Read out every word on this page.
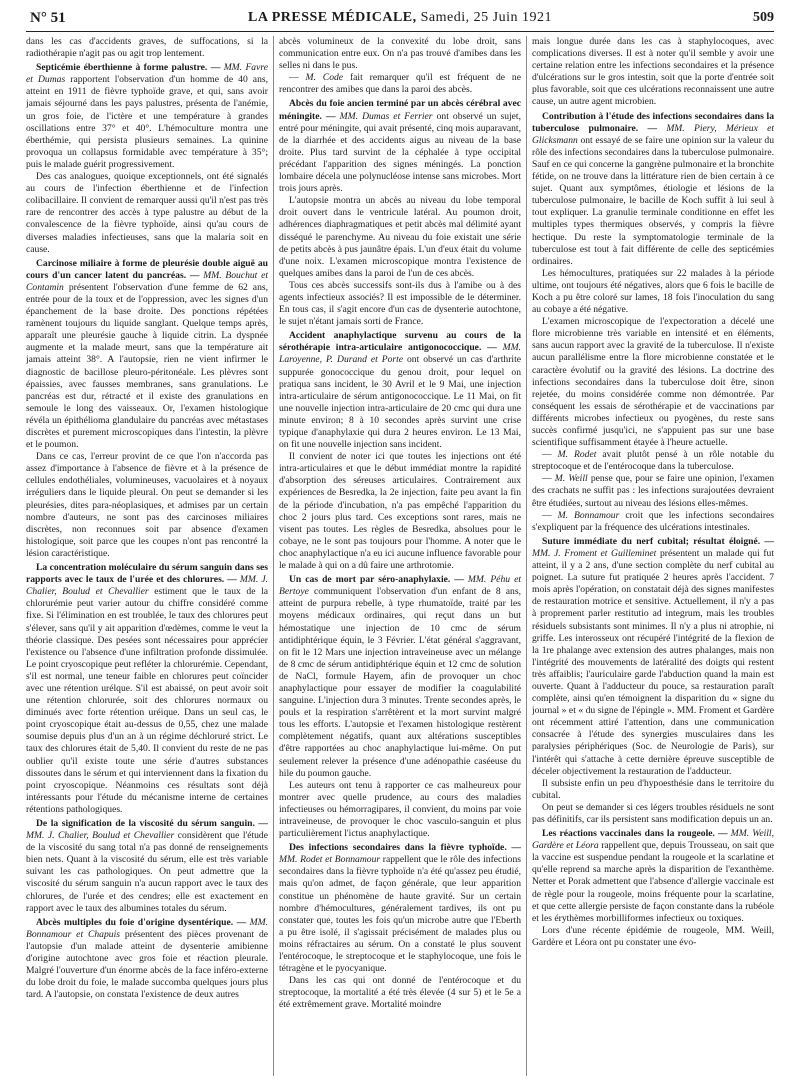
N° 51	LA PRESSE MÉDICALE, Samedi, 25 Juin 1921	509

dans les cas d'accidents graves, de suffocations, si la radiothérapie n'agit pas ou agit trop lentement.

Septicémie éberthienne à forme palustre. — MM. Favre et Dumas rapportent l'observation d'un homme de 40 ans, atteint en 1911 de fièvre typhoïde grave, et qui, sans avoir jamais séjourné dans les pays palustres, présenta de l'anémie, un gros foie, de l'ictère et une température à grandes oscillations entre 37° et 40°. L'hémoculture montra une éberthémie, qui persista plusieurs semaines. La quinine provoqua un collapsus formidable avec température à 35°; puis le malade guérit progressivement.

Des cas analogues, quoique exceptionnels, ont été signalés au cours de l'infection éberthienne et de l'infection colibacillaire. Il convient de remarquer aussi qu'il n'est pas très rare de rencontrer des accès à type palustre au début de la convalescence de la fièvre typhoïde, ainsi qu'au cours de diverses maladies infectieuses, sans que la malaria soit en cause.

Carcinose miliaire à forme de pleurésie double aiguë au cours d'un cancer latent du pancréas. — MM. Bouchut et Contamin présentent l'observation d'une femme de 62 ans, entrée pour de la toux et de l'oppression, avec les signes d'un épanchement de la base droite. Des ponctions répétées ramènent toujours du liquide sanglant. Quelque temps après, apparaît une pleurésie gauche à liquide citrin. La dyspnée augmente et la malade meurt, sans que la température ait jamais atteint 38°. A l'autopsie, rien ne vient infirmer le diagnostic de bacillose pleuro-péritonéale. Les plèvres sont épaissies, avec fausses membranes, sans granulations. Le pancréas est dur, rétracté et il existe des granulations en semoule le long des vaisseaux. Or, l'examen histologique révéla un épithélioma glandulaire du pancréas avec métastases discrètes et purement microscopiques dans l'intestin, la plèvre et le poumon.

Dans ce cas, l'erreur provint de ce que l'on n'accorda pas assez d'importance à l'absence de fièvre et à la présence de cellules endothéliales, volumineuses, vacuolaires et à noyaux irréguliers dans le liquide pleural. On peut se demander si les pleurésies, dites para-néoplasiques, et admises par un certain nombre d'auteurs, ne sont pas des carcinoses miliaires discrètes, non reconnues soit par absence d'examen histologique, soit parce que les coupes n'ont pas rencontré la lésion caractéristique.

La concentration moléculaire du sérum sanguin dans ses rapports avec le taux de l'urée et des chlorures. — MM. J. Chalier, Boulud et Chevallier estiment que le taux de la chlorurémie peut varier autour du chiffre considéré comme fixe. Si l'élimination en est troublée, le taux des chlorures peut s'élever, sans qu'il y ait apparition d'œdèmes, comme le veut la théorie classique. Des pesées sont nécessaires pour apprécier l'existence ou l'absence d'une infiltration profonde dissimulée. Le point cryoscopique peut refléter la chlorurémie. Cependant, s'il est normal, une teneur faible en chlorures peut coïncider avec une rétention urélque. S'il est abaissé, on peut avoir soit une rétention chlorurée, soit des chlorures normaux ou diminués avec forte rétention uréique. Dans un seul cas, le point cryoscopique était au-dessus de 0,55, chez une malade soumise depuis plus d'un an à un régime déchloruré strict. Le taux des chlorures était de 5,40. Il convient du reste de ne pas oublier qu'il existe toute une série d'autres substances dissoutes dans le sérum et qui interviennent dans la fixation du point cryoscopique. Néanmoins ces résultats sont déjà intéressants pour l'étude du mécanisme interne de certaines rétentions pathologiques.

De la signification de la viscosité du sérum sanguin. — MM. J. Chalier, Boulud et Chevallier considèrent que l'étude de la viscosité du sang total n'a pas donné de renseignements bien nets. Quant à la viscosité du sérum, elle est très variable suivant les cas pathologiques. On peut admettre que la viscosité du sérum sanguin n'a aucun rapport avec le taux des chlorures, de l'urée et des cendres; elle est exactement en rapport avec le taux des albumines totales du sérum.

Abcès multiples du foie d'origine dysentérique. — MM. Bonnamour et Chapuis présentent des pièces provenant de l'autopsie d'un malade atteint de dysenterie amibienne d'origine autochtone avec gros foie et réaction pleurale. Malgré l'ouverture d'un énorme abcès de la face inféro-externe du lobe droit du foie, le malade succomba quelques jours plus tard. A l'autopsie, on constata l'existence de deux autres

abcès volumineux de la convexité du lobe droit, sans communication entre eux. On n'a pas trouvé d'amibes dans les selles ni dans le pus.

— M. Code fait remarquer qu'il est fréquent de ne rencontrer des amibes que dans la paroi des abcès.

Abcès du foie ancien terminé par un abcès cérébral avec méningite. — MM. Dumas et Ferrier ont observé un sujet, entré pour méningite, qui avait présenté, cinq mois auparavant, de la diarrhée et des accidents aigus au niveau de la base droite. Plus tard survint de la céphalée à type occipital précédant l'apparition des signes méningés. La ponction lombaire décela une polynucléose intense sans microbes. Mort trois jours après.

L'autopsie montra un abcès au niveau du lobe temporal droit ouvert dans le ventricule latéral. Au poumon droit, adhérences diaphragmatiques et petit abcès mal délimité ayant disséqué le parenchyme. Au niveau du foie existait une série de petits abcès à pus jaunâtre épais. L'un d'eux était du volume d'une noix. L'examen microscopique montra l'existence de quelques amibes dans la paroi de l'un de ces abcès.

Tous ces abcès successifs sont-ils dus à l'amibe ou à des agents infectieux associés? Il est impossible de le déterminer. En tous cas, il s'agit encore d'un cas de dysenterie autochtone, le sujet n'étant jamais sorti de France.

Accident anaphylactique survenu au cours de la sérothérapie intra-articulaire antigonococcique. — MM. Laroyenne, P. Durand et Porte ont observé un cas d'arthrite suppurée gonococcique du genou droit, pour lequel on pratiqua sans incident, le 30 Avril et le 9 Mai, une injection intra-articulaire de sérum antigonococcique. Le 11 Mai, on fit une nouvelle injection intra-articulaire de 20 cmc qui dura une minute environ; 8 à 10 secondes après survint une crise typique d'anaphylaxie qui dura 2 heures environ. Le 13 Mai, on fit une nouvelle injection sans incident.

Il convient de noter ici que toutes les injections ont été intra-articulaires et que le début immédiat montre la rapidité d'absorption des séreuses articulaires. Contrairement aux expériences de Besredka, la 2e injection, faite peu avant la fin de la période d'incubation, n'a pas empêché l'apparition du choc 2 jours plus tard. Ces exceptions sont rares, mais ne visent pas toutes. Les règles de Besredka, absolues pour le cobaye, ne le sont pas toujours pour l'homme. A noter que le choc anaphylactique n'a eu ici aucune influence favorable pour le malade à qui on a dû faire une arthrotomie.

Un cas de mort par séro-anaphylaxie. — MM. Péhu et Bertoye communiquent l'observation d'un enfant de 8 ans, atteint de purpura rebelle, à type rhumatoïde, traité par les moyens médicaux ordinaires, qui reçut dans un but hémostatique une injection de 10 cmc de sérum antidiphtérique équin, le 3 Février. L'état général s'aggravant, on fit le 12 Mars une injection intraveineuse avec un mélange de 8 cmc de sérum antidiphtérique équin et 12 cmc de solution de NaCl, formule Hayem, afin de provoquer un choc anaphylactique pour essayer de modifier la coagulabilité sanguine. L'injection dura 3 minutes. Trente secondes après, le pouls et la respiration s'arrêtèrent et la mort survint malgré tous les efforts. L'autopsie et l'examen histologique restèrent complètement négatifs, quant aux altérations susceptibles d'être rapportées au choc anaphylactique lui-même. On put seulement relever la présence d'une adénopathie caséeuse du hile du poumon gauche.

Les auteurs ont tenu à rapporter ce cas malheureux pour montrer avec quelle prudence, au cours des maladies infectieuses ou hémorragipares, il convient, du moins par voie intraveineuse, de provoquer le choc vasculo-sanguin et plus particulièrement l'ictus anaphylactique.

Des infections secondaires dans la fièvre typhoïde. — MM. Rodet et Bonnamour rappellent que le rôle des infections secondaires dans la fièvre typhoïde n'a été qu'assez peu étudié, mais qu'on admet, de façon générale, que leur apparition constitue un phénomène de haute gravité. Sur un certain nombre d'hémocultures, généralement tardives, ils ont pu constater que, toutes les fois qu'un microbe autre que l'Eberth a pu être isolé, il s'agissait précisément de malades plus ou moins réfractaires au sérum. On a constaté le plus souvent l'entérocoque, le streptocoque et le staphylocoque, une fois le tétragène et le pyocyanique.

Dans les cas qui ont donné de l'entérocoque et du streptocoque, la mortalité a été très élevée (4 sur 5) et le 5e a été extrêmement grave. Mortalité moindre

mais longue durée dans les cas à staphylocoques, avec complications diverses. Il est à noter qu'il semble y avoir une certaine relation entre les infections secondaires et la présence d'ulcérations sur le gros intestin, soit que la porte d'entrée soit plus favorable, soit que ces ulcérations reconnaissent une autre cause, un autre agent microbien.

Contribution à l'étude des infections secondaires dans la tuberculose pulmonaire. — MM. Piery, Mérieux et Glicksmann ont essayé de se faire une opinion sur la valeur du rôle des infections secondaires dans la tuberculose pulmonaire. Sauf en ce qui concerne la gangrène pulmonaire et la bronchite fétide, on ne trouve dans la littérature rien de bien certain à ce sujet. Quant aux symptômes, étiologie et lésions de la tuberculose pulmonaire, le bacille de Koch suffit à lui seul à tout expliquer. La granulie terminale conditionne en effet les multiples types thermiques observés, y compris la fièvre hectique. Du reste la symptomatologie terminale de la tuberculose est tout à fait différente de celle des septicémies ordinaires.

Les hémocultures, pratiquées sur 22 malades à la période ultime, ont toujours été négatives, alors que 6 fois le bacille de Koch a pu être coloré sur lames, 18 fois l'inoculation du sang au cobaye a été négative.

L'examen microscopique de l'expectoration a décelé une flore microbienne très variable en intensité et en éléments, sans aucun rapport avec la gravité de la tuberculose. Il n'existe aucun parallélisme entre la flore microbienne constatée et le caractère évolutif ou la gravité des lésions. La doctrine des infections secondaires dans la tuberculose doit être, sinon rejetée, du moins considérée comme non démontrée. Par conséquent les essais de sérothérapie et de vaccinations par différents microbes infectieux ou pyogènes, du reste sans succès confirmé jusqu'ici, ne s'appuient pas sur une base scientifique suffisamment étayée à l'heure actuelle.

— M. Rodet avait plutôt pensé à un rôle notable du streptocoque et de l'entérocoque dans la tuberculose.

— M. Weill pense que, pour se faire une opinion, l'examen des crachats ne suffit pas : les infections surajoutées devraient être étudiées, surtout au niveau des lésions elles-mêmes.

— M. Bonnamour croit que les infections secondaires s'expliquent par la fréquence des ulcérations intestinales.

Suture immédiate du nerf cubital; résultat éloigné. — MM. J. Froment et Guilleminet présentent un malade qui fut atteint, il y a 2 ans, d'une section complète du nerf cubital au poignet. La suture fut pratiquée 2 heures après l'accident. 7 mois après l'opération, on constatait déjà des signes manifestes de restauration motrice et sensitive. Actuellement, il n'y a pas à proprement parler restitutio ad integrum, mais les troubles résiduels subsistants sont minimes. Il n'y a plus ni atrophie, ni griffe. Les interosseux ont récupéré l'intégrité de la flexion de la 1re phalange avec extension des autres phalanges, mais non l'intégrité des mouvements de latéralité des doigts qui restent très affaiblis; l'auriculaire garde l'abduction quand la main est ouverte. Quant à l'adducteur du pouce, sa restauration paraît complète, ainsi qu'en témoignent la disparition du « signe du journal » et « du signe de l'épingle ». MM. Froment et Gardère ont récemment attiré l'attention, dans une communication consacrée à l'étude des synergies musculaires dans les paralysies périphériques (Soc. de Neurologie de Paris), sur l'intérêt qui s'attache à cette dernière épreuve susceptible de déceler objectivement la restauration de l'adducteur.

Il subsiste enfin un peu d'hypoesthésie dans le territoire du cubital.

On peut se demander si ces légers troubles résiduels ne sont pas définitifs, car ils persistent sans modification depuis un an.

Les réactions vaccinales dans la rougeole. — MM. Weill, Gardère et Léora rappellent que, depuis Trousseau, on sait que la vaccine est suspendue pendant la rougeole et la scarlatine et qu'elle reprend sa marche après la disparition de l'exanthème. Netter et Porak admettent que l'absence d'allergie vaccinale est de règle pour la rougeole, moins fréquente pour la scarlatine, et que cette allergie persiste de façon constante dans la rubéole et les érythèmes morbilliformes infectieux ou toxiques.

Lors d'une récente épidémie de rougeole, MM. Weill, Gardère et Léora ont pu constater une évo-
